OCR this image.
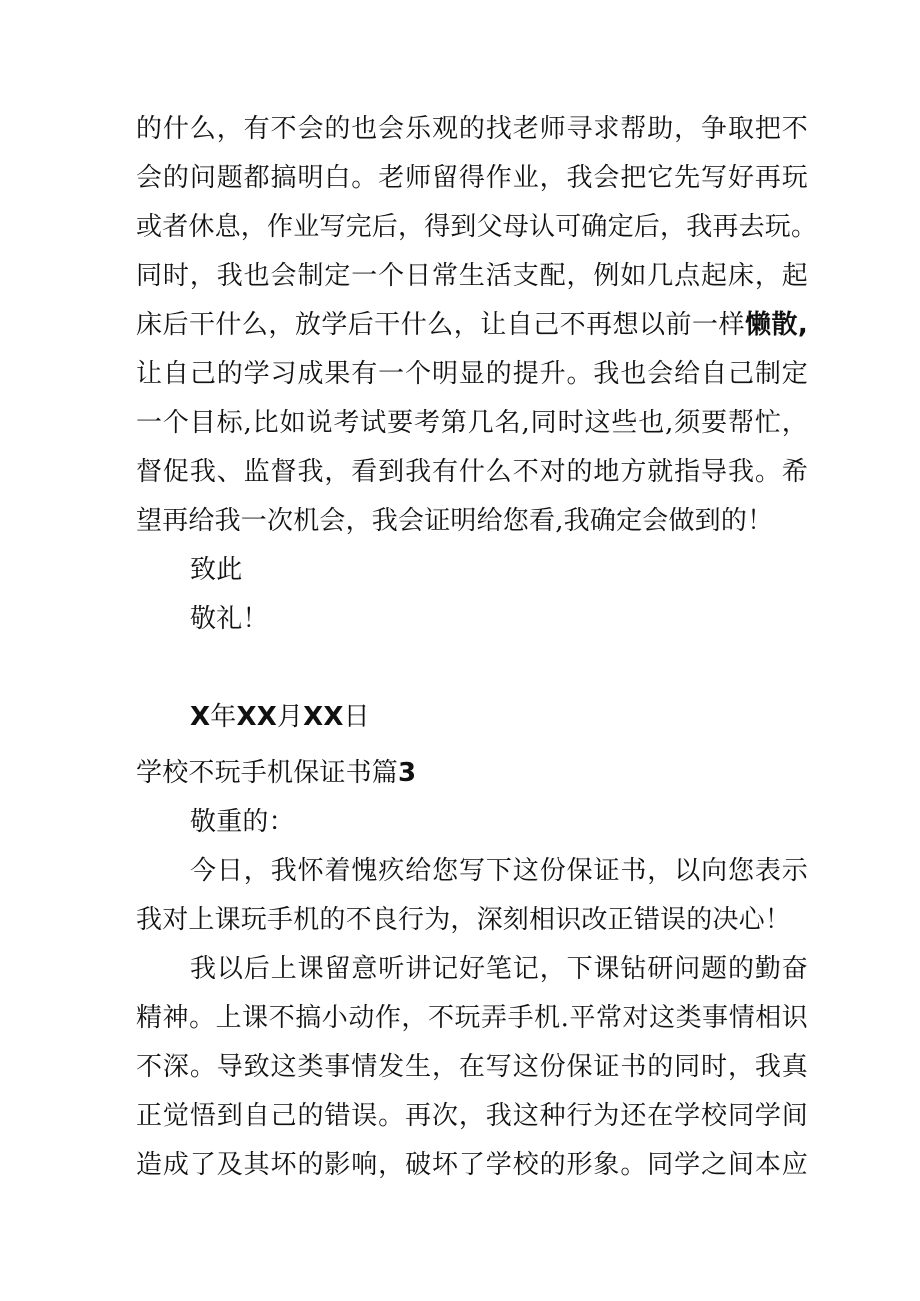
的什么，有不会的也会乐观的找老师寻求帮助，争取把不
会的问题都搞明白。老师留得作业，我会把它先写好再玩
或者休息，作业写完后，得到父母认可确定后，我再去玩。
同时，我也会制定一个日常生活支配，例如几点起床，起
床后干什么，放学后干什么，让自己不再想以前一样懒散,
让自己的学习成果有一个明显的提升。我也会给自己制定
一个目标,比如说考试要考第几名,同时这些也,须要帮忙，
督促我、监督我，看到我有什么不对的地方就指导我。希
望再给我一次机会，我会证明给您看,我确定会做到的！
致此
敬礼！
X年XX月XX日
学校不玩手机保证书篇3
敬重的：
今日，我怀着愧疚给您写下这份保证书，以向您表示
我对上课玩手机的不良行为，深刻相识改正错误的决心！
我以后上课留意听讲记好笔记，下课钻研问题的勤奋
精神。上课不搞小动作，不玩弄手机.平常对这类事情相识
不深。导致这类事情发生，在写这份保证书的同时，我真
正觉悟到自己的错误。再次，我这种行为还在学校同学间
造成了及其坏的影响，破坏了学校的形象。同学之间本应
